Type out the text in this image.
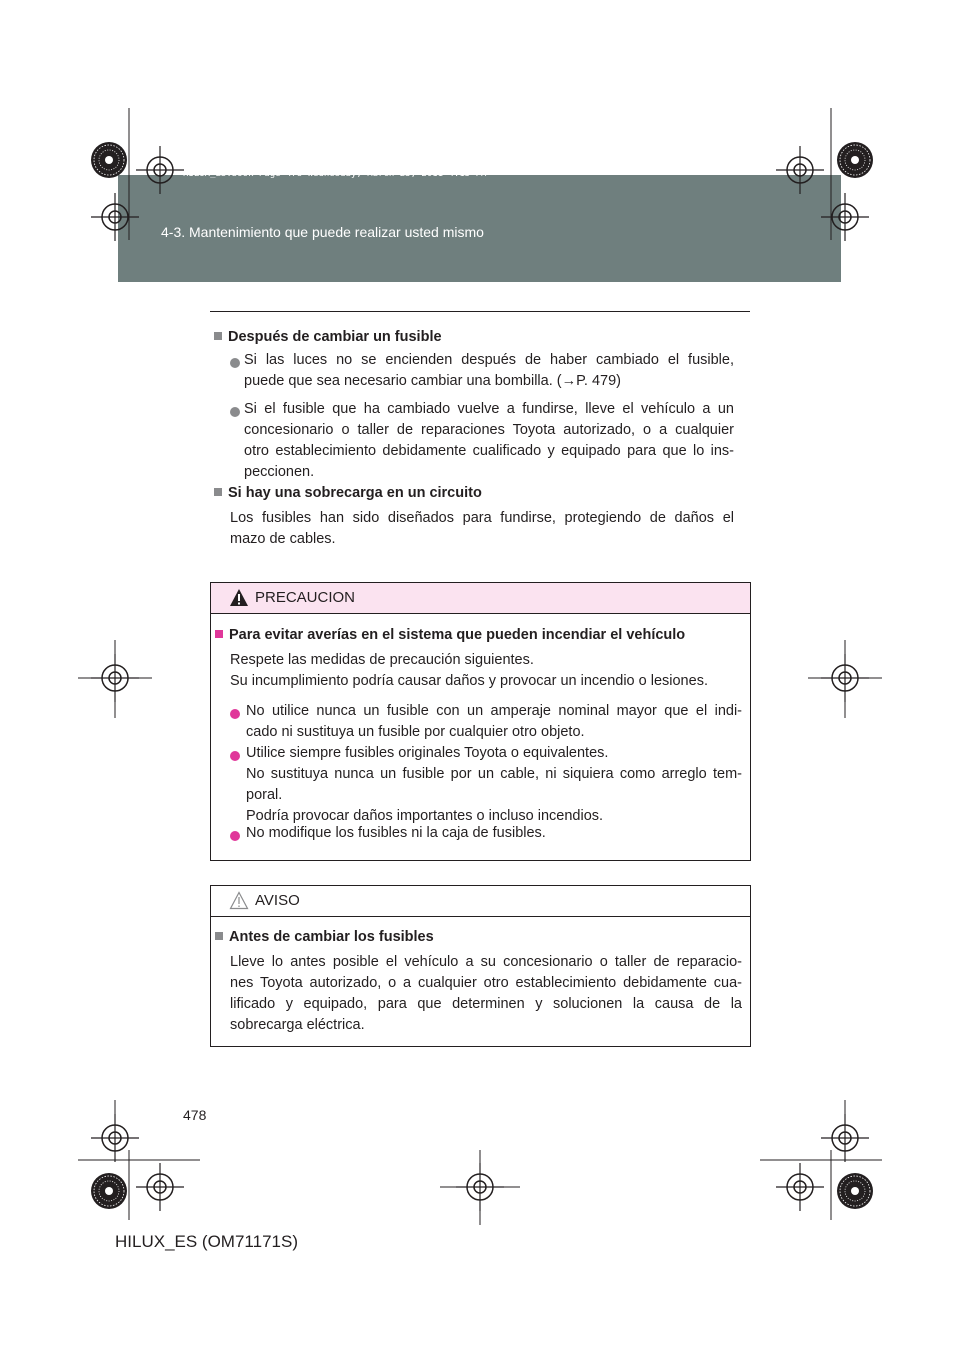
HILUX_ES.book Page 478 Wednesday, March 23, 2011 4:15 PM
4-3. Mantenimiento que puede realizar usted mismo
Después de cambiar un fusible
Si las luces no se encienden después de haber cambiado el fusible,
puede que sea necesario cambiar una bombilla. (→P. 479)
Si el fusible que ha cambiado vuelve a fundirse, lleve el vehículo a un
concesionario o taller de reparaciones Toyota autorizado, o a cualquier
otro establecimiento debidamente cualificado y equipado para que lo ins-
peccionen.
Si hay una sobrecarga en un circuito
Los fusibles han sido diseñados para fundirse, protegiendo de daños el
mazo de cables.
PRECAUCION
Para evitar averías en el sistema que pueden incendiar el vehículo
Respete las medidas de precaución siguientes.
Su incumplimiento podría causar daños y provocar un incendio o lesiones.
No utilice nunca un fusible con un amperaje nominal mayor que el indi-
cado ni sustituya un fusible por cualquier otro objeto.
Utilice siempre fusibles originales Toyota o equivalentes.
No sustituya nunca un fusible por un cable, ni siquiera como arreglo tem-
poral.
Podría provocar daños importantes o incluso incendios.
No modifique los fusibles ni la caja de fusibles.
AVISO
Antes de cambiar los fusibles
Lleve lo antes posible el vehículo a su concesionario o taller de reparacio-
nes Toyota autorizado, o a cualquier otro establecimiento debidamente cua-
lificado y equipado, para que determinen y solucionen la causa de la
sobrecarga eléctrica.
478
HILUX_ES (OM71171S)
